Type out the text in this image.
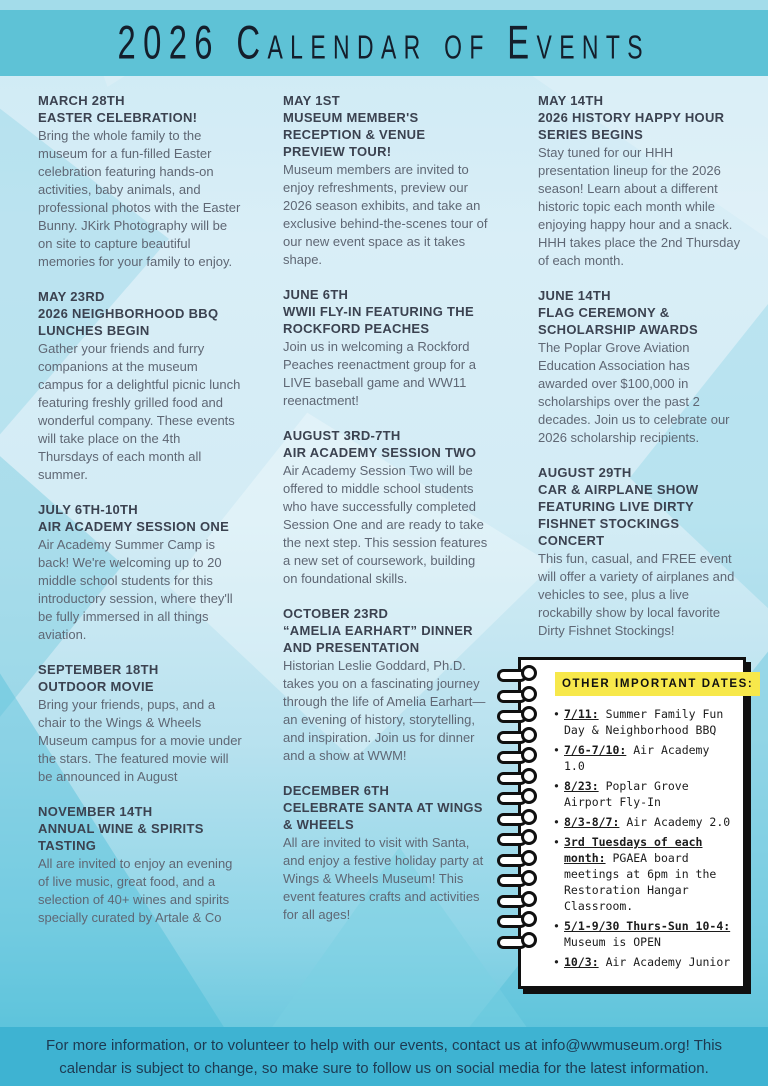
2026 Calendar of Events
MARCH 28TH
EASTER CELEBRATION!
Bring the whole family to the museum for a fun-filled Easter celebration featuring hands-on activities, baby animals, and professional photos with the Easter Bunny. JKirk Photography will be on site to capture beautiful memories for your family to enjoy.
MAY 23RD
2026 NEIGHBORHOOD BBQ LUNCHES BEGIN
Gather your friends and furry companions at the museum campus for a delightful picnic lunch featuring freshly grilled food and wonderful company. These events will take place on the 4th Thursdays of each month all summer.
JULY 6TH-10TH
AIR ACADEMY SESSION ONE
Air Academy Summer Camp is back! We're welcoming up to 20 middle school students for this introductory session, where they'll be fully immersed in all things aviation.
SEPTEMBER 18TH
OUTDOOR MOVIE
Bring your friends, pups, and a chair to the Wings & Wheels Museum campus for a movie under the stars. The featured movie will be announced in August
NOVEMBER 14TH
ANNUAL WINE & SPIRITS TASTING
All are invited to enjoy an evening of live music, great food, and a selection of 40+ wines and spirits specially curated by Artale & Co
MAY 1ST
MUSEUM MEMBER'S RECEPTION & VENUE PREVIEW TOUR!
Museum members are invited to enjoy refreshments, preview our 2026 season exhibits, and take an exclusive behind-the-scenes tour of our new event space as it takes shape.
JUNE 6TH
WWII FLY-IN FEATURING THE ROCKFORD PEACHES
Join us in welcoming a Rockford Peaches reenactment group for a LIVE baseball game and WW11 reenactment!
AUGUST 3RD-7TH
AIR ACADEMY SESSION TWO
Air Academy Session Two will be offered to middle school students who have successfully completed Session One and are ready to take the next step. This session features a new set of coursework, building on foundational skills.
OCTOBER 23RD
“AMELIA EARHART” DINNER AND PRESENTATION
Historian Leslie Goddard, Ph.D. takes you on a fascinating journey through the life of Amelia Earhart—an evening of history, storytelling, and inspiration. Join us for dinner and a show at WWM!
DECEMBER 6TH
CELEBRATE SANTA AT WINGS & WHEELS
All are invited to visit with Santa, and enjoy a festive holiday party at Wings & Wheels Museum! This event features crafts and activities for all ages!
MAY 14TH
2026 HISTORY HAPPY HOUR SERIES BEGINS
Stay tuned for our HHH presentation lineup for the 2026 season! Learn about a different historic topic each month while enjoying happy hour and a snack. HHH takes place the 2nd Thursday of each month.
JUNE 14TH
FLAG CEREMONY & SCHOLARSHIP AWARDS
The Poplar Grove Aviation Education Association has awarded over $100,000 in scholarships over the past 2 decades. Join us to celebrate our 2026 scholarship recipients.
AUGUST 29TH
CAR & AIRPLANE SHOW FEATURING LIVE DIRTY FISHNET STOCKINGS CONCERT
This fun, casual, and FREE event will offer a variety of airplanes and vehicles to see, plus a live rockabilly show by local favorite Dirty Fishnet Stockings!
OTHER IMPORTANT DATES:
• 7/11: Summer Family Fun Day & Neighborhood BBQ
• 7/6-7/10: Air Academy 1.0
• 8/23: Poplar Grove Airport Fly-In
• 8/3-8/7: Air Academy 2.0
• 3rd Tuesdays of each month: PGAEA board meetings at 6pm in the Restoration Hangar Classroom.
• 5/1-9/30 Thurs-Sun 10-4: Museum is OPEN
• 10/3: Air Academy Junior
For more information, or to volunteer to help with our events, contact us at info@wwmuseum.org! This calendar is subject to change, so make sure to follow us on social media for the latest information.
